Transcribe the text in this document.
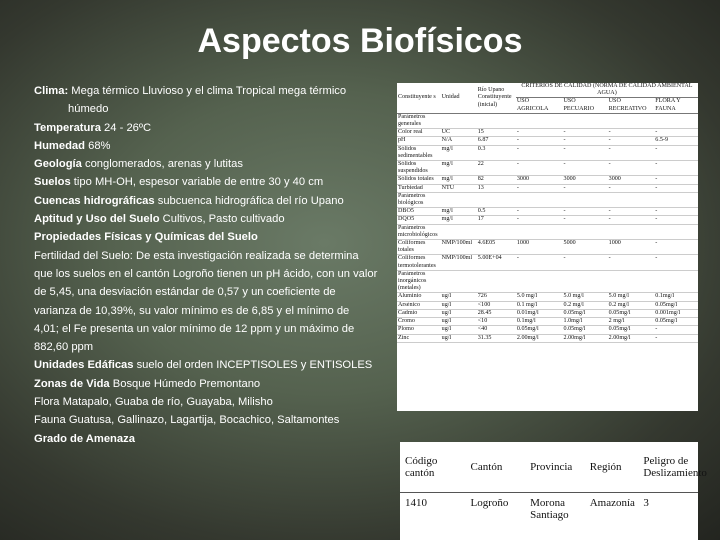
Aspectos Biofísicos
Clima: Mega térmico Lluvioso y el clima Tropical mega térmico
húmedo
Temperatura 24 - 26ºC
Humedad 68%
Geología conglomerados, arenas y lutitas
Suelos tipo MH-OH, espesor variable de entre 30 y 40 cm
Cuencas hidrográficas subcuenca hidrográfica del río Upano
Aptitud y Uso del Suelo Cultivos, Pasto cultivado
Propiedades Físicas y Químicas del Suelo
Fertilidad del Suelo: De esta investigación realizada se determina
que los suelos en el cantón Logroño tienen un pH ácido, con un valor
de 5,45, una desviación estándar de 0,57 y un coeficiente de
varianza de 10,39%, su valor mínimo es de 6,85 y el mínimo de
4,01; el Fe presenta un valor mínimo de 12 ppm y un máximo de
882,60 ppm
Unidades Edáficas suelo del orden INCEPTISOLES y ENTISOLES
Zonas de Vida Bosque Húmedo Premontano
Flora Matapalo, Guaba de río, Guayaba, Milisho
Fauna Guatusa, Gallinazo, Lagartija, Bocachico, Saltamontes
Grado de Amenaza
Constituyente s	Unidad	Río Upano Constituyente (inicial)	CRITERIOS DE CALIDAD (NORMA DE CALIDAD AMBIENTAL AGUA)			
			USO AGRICOLA	USO PECUARIO	USO RECREATIVO	FLORA Y FAUNA
Parámetros generales						
Color real	UC	15	-	-	-	-
pH	N/A	6.87	-	-	-	6.5-9
Sólidos sedimentables	mg/l	0.3	-	-	-	-
Sólidos suspendidos	mg/l	22	-	-	-	-
Sólidos totales	mg/l	82	3000	3000	3000	-
Turbiedad	NTU	13	-	-	-	-
Parámetros biológicos						
DBO5	mg/l	0.5	-	-	-	-
DQO5	mg/l	17	-	-	-	-
Parámetros microbiológicos						
Coliformes totales	NMP/100ml	4.6E05	1000	5000	1000	-
Coliformes termotolerantes	NMP/100ml	5.00E+04	-	-	-	-
Parámetros inorgánicos (metales)						
Aluminio	ug/l	726	5.0 mg/l	5.0 mg/l	5.0 mg/l	0.1mg/l
Arsénico	ug/l	<100	0.1 mg/l	0.2 mg/l	0.2 mg/l	0.05mg/l
Cadmio	ug/l	28.45	0.01mg/l	0.05mg/l	0.05mg/l	0.001mg/l
Cromo	ug/l	<10	0.1mg/l	1.0mg/l	2 mg/l	0.05mg/l
Plomo	ug/l	<40	0.05mg/l	0.05mg/l	0.05mg/l	-
Zinc	ug/l	31.35	2.00mg/l	2.00mg/l	2.00mg/l	-
Código cantón	Cantón	Provincia	Región	Peligro de Deslizamiento
1410	Logroño	Morona Santiago	Amazonía	3
